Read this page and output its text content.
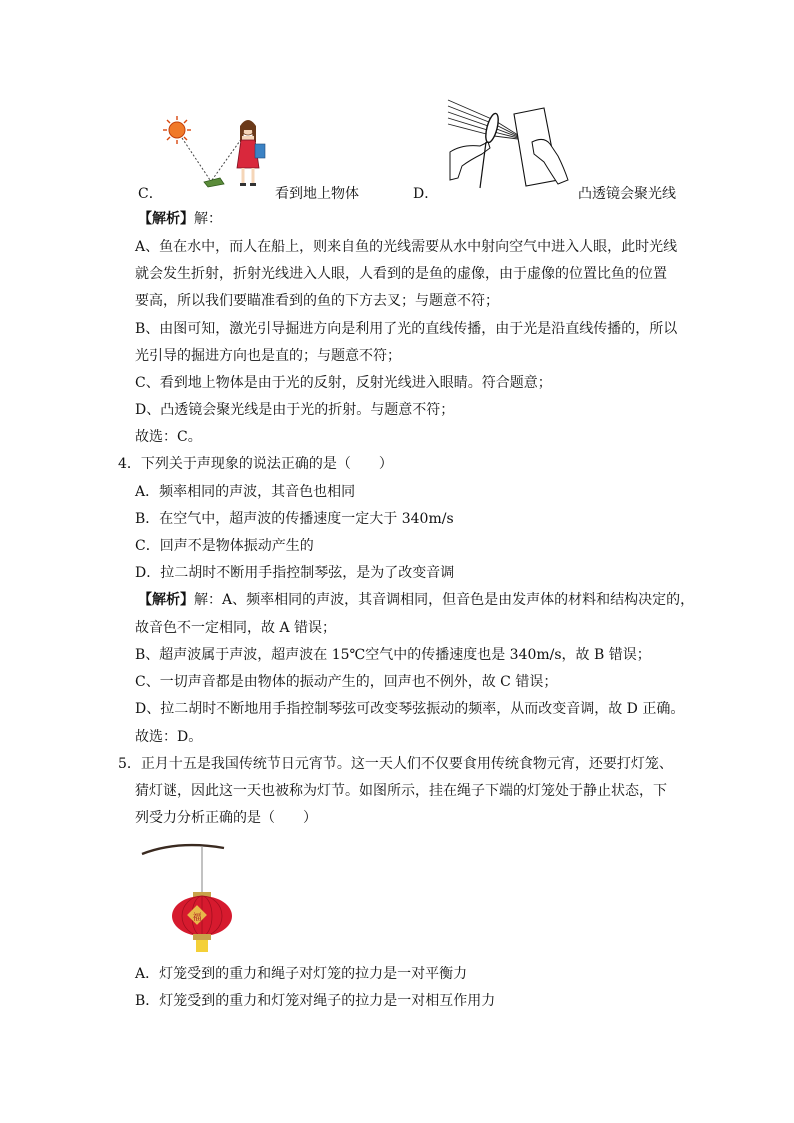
C．	看到地上物体	D．	凸透镜会聚光线
【解析】解：
A、鱼在水中，而人在船上，则来自鱼的光线需要从水中射向空气中进入人眼，此时光线
就会发生折射，折射光线进入人眼，人看到的是鱼的虚像，由于虚像的位置比鱼的位置
要高，所以我们要瞄准看到的鱼的下方去叉；与题意不符；
B、由图可知，激光引导掘进方向是利用了光的直线传播，由于光是沿直线传播的，所以
光引导的掘进方向也是直的；与题意不符；
C、看到地上物体是由于光的反射，反射光线进入眼睛。符合题意；
D、凸透镜会聚光线是由于光的折射。与题意不符；
故选：C。
4．下列关于声现象的说法正确的是（　　）
A．频率相同的声波，其音色也相同
B．在空气中，超声波的传播速度一定大于 340m/s
C．回声不是物体振动产生的
D．拉二胡时不断用手指控制琴弦，是为了改变音调
【解析】解：A、频率相同的声波，其音调相同，但音色是由发声体的材料和结构决定的，
故音色不一定相同，故 A 错误；
B、超声波属于声波，超声波在 15℃空气中的传播速度也是 340m/s，故 B 错误；
C、一切声音都是由物体的振动产生的，回声也不例外，故 C 错误；
D、拉二胡时不断地用手指控制琴弦可改变琴弦振动的频率，从而改变音调，故 D 正确。
故选：D。
5．正月十五是我国传统节日元宵节。这一天人们不仅要食用传统食物元宵，还要打灯笼、
猜灯谜，因此这一天也被称为灯节。如图所示，挂在绳子下端的灯笼处于静止状态，下
列受力分析正确的是（　　）
福
A．灯笼受到的重力和绳子对灯笼的拉力是一对平衡力
B．灯笼受到的重力和灯笼对绳子的拉力是一对相互作用力
